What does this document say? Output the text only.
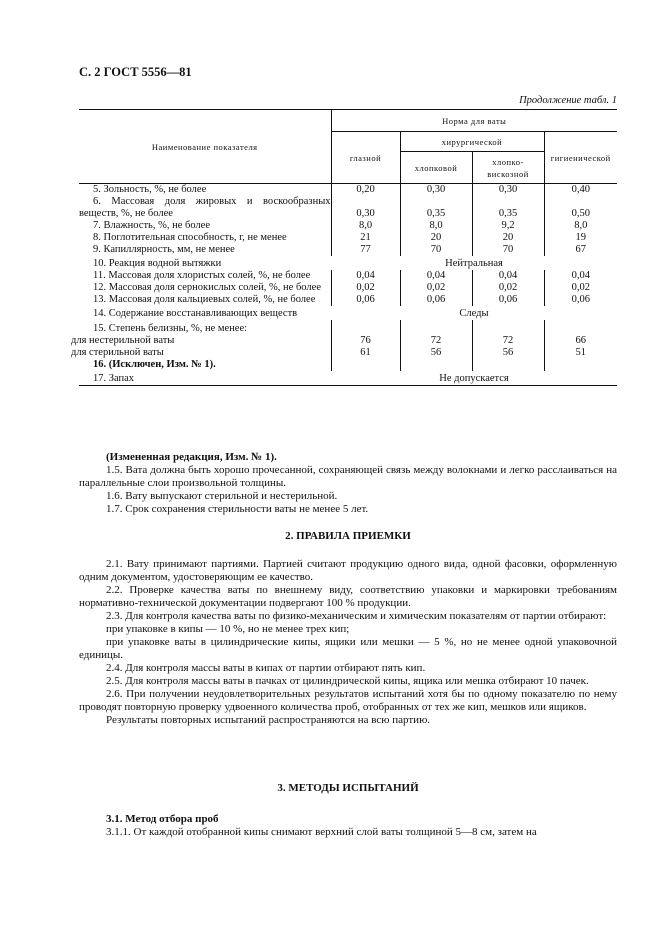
С. 2 ГОСТ 5556—81
Продолжение табл. 1
Наименование показателя	Норма для ваты			
	глазной	хирургической		гигиенической
		хлопковой	хлопко-вискозной	
5. Зольность, %, не более	0,20	0,30	0,30	0,40
6. Массовая доля жировых и воскообразных веществ, %, не более	0,30	0,35	0,35	0,50
7. Влажность, %, не более	8,0	8,0	9,2	8,0
8. Поглотительная способность, г, не менее	21	20	20	19
9. Капиллярность, мм, не менее	77	70	70	67
10. Реакция водной вытяжки	Нейтральная			
11. Массовая доля хлористых солей, %, не более	0,04	0,04	0,04	0,04
12. Массовая доля сернокислых солей, %, не более	0,02	0,02	0,02	0,02
13. Массовая доля кальциевых солей, %, не более	0,06	0,06	0,06	0,06
14. Содержание восстанавливающих веществ	Следы			
15. Степень белизны, %, не менее:				
для нестерильной ваты	76	72	72	66
для стерильной ваты	61	56	56	51
16. (Исключен, Изм. № 1).				
17. Запах	Не допускается			

(Измененная редакция, Изм. № 1).

1.5. Вата должна быть хорошо прочесанной, сохраняющей связь между волокнами и легко расслаиваться на параллельные слои произвольной толщины.

1.6. Вату выпускают стерильной и нестерильной.

1.7. Срок сохранения стерильности ваты не менее 5 лет.

2. ПРАВИЛА ПРИЕМКИ

2.1. Вату принимают партиями. Партией считают продукцию одного вида, одной фасовки, оформленную одним документом, удостоверяющим ее качество.

2.2. Проверке качества ваты по внешнему виду, соответствию упаковки и маркировки требованиям нормативно-технической документации подвергают 100 % продукции.

2.3. Для контроля качества ваты по физико-механическим и химическим показателям от партии отбирают:

при упаковке в кипы — 10 %, но не менее трех кип;

при упаковке ваты в цилиндрические кипы, ящики или мешки — 5 %, но не менее одной упаковочной единицы.

2.4. Для контроля массы ваты в кипах от партии отбирают пять кип.

2.5. Для контроля массы ваты в пачках от цилиндрической кипы, ящика или мешка отбирают 10 пачек.

2.6. При получении неудовлетворительных результатов испытаний хотя бы по одному показателю по нему проводят повторную проверку удвоенного количества проб, отобранных от тех же кип, мешков или ящиков.

Результаты повторных испытаний распространяются на всю партию.

3. МЕТОДЫ ИСПЫТАНИЙ

3.1. Метод отбора проб

3.1.1. От каждой отобранной кипы снимают верхний слой ваты толщиной 5—8 см, затем на
